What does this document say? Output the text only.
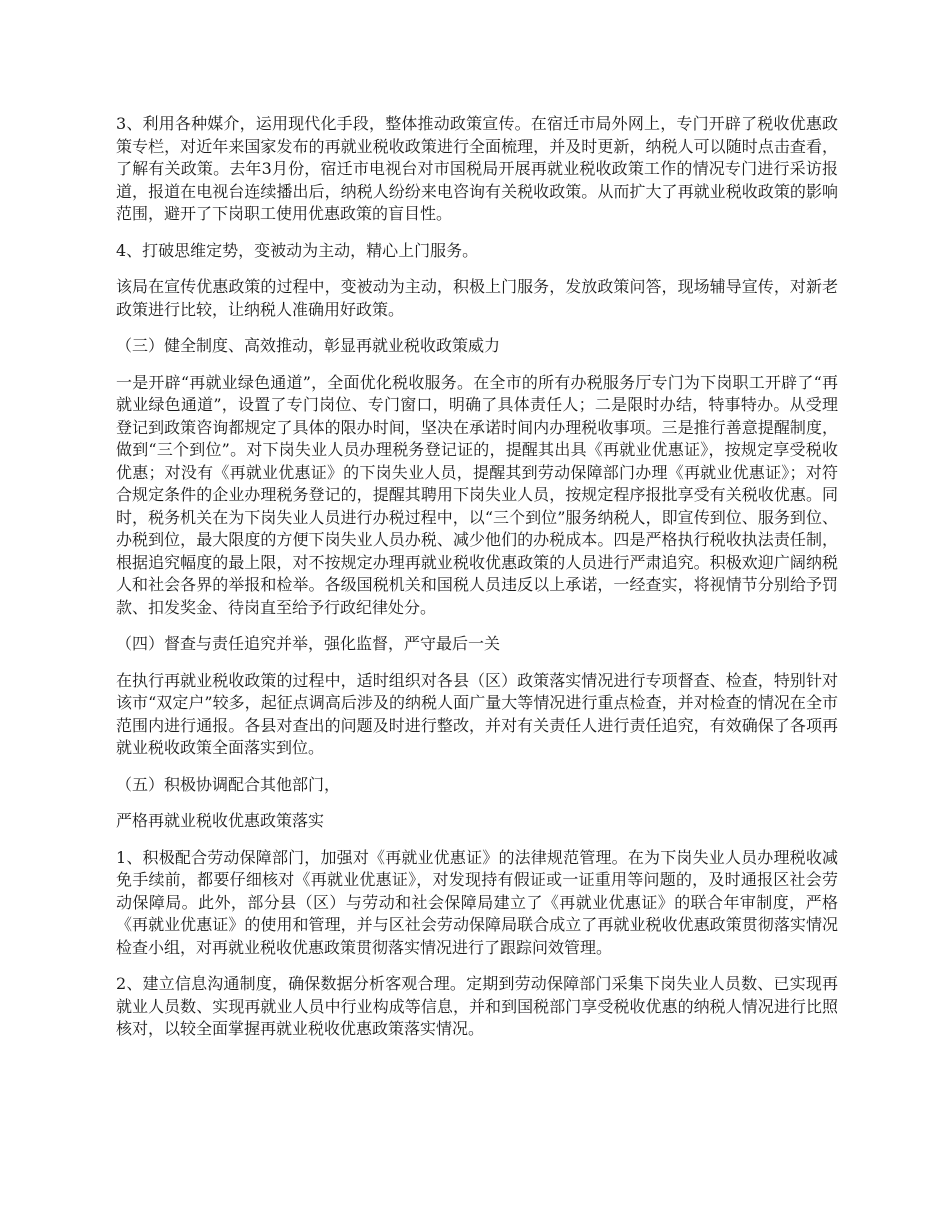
3、利用各种媒介，运用现代化手段，整体推动政策宣传。在宿迁市局外网上，专门开辟了税收优惠政策专栏，对近年来国家发布的再就业税收政策进行全面梳理，并及时更新，纳税人可以随时点击查看，了解有关政策。去年3月份，宿迁市电视台对市国税局开展再就业税收政策工作的情况专门进行采访报道，报道在电视台连续播出后，纳税人纷纷来电咨询有关税收政策。从而扩大了再就业税收政策的影响范围，避开了下岗职工使用优惠政策的盲目性。

4、打破思维定势，变被动为主动，精心上门服务。

该局在宣传优惠政策的过程中，变被动为主动，积极上门服务，发放政策问答，现场辅导宣传，对新老政策进行比较，让纳税人准确用好政策。

（三）健全制度、高效推动，彰显再就业税收政策威力

一是开辟“再就业绿色通道”，全面优化税收服务。在全市的所有办税服务厅专门为下岗职工开辟了“再就业绿色通道”，设置了专门岗位、专门窗口，明确了具体责任人；二是限时办结，特事特办。从受理登记到政策咨询都规定了具体的限办时间，坚决在承诺时间内办理税收事项。三是推行善意提醒制度，做到“三个到位”。对下岗失业人员办理税务登记证的，提醒其出具《再就业优惠证》，按规定享受税收优惠；对没有《再就业优惠证》的下岗失业人员，提醒其到劳动保障部门办理《再就业优惠证》；对符合规定条件的企业办理税务登记的，提醒其聘用下岗失业人员，按规定程序报批享受有关税收优惠。同时，税务机关在为下岗失业人员进行办税过程中，以“三个到位”服务纳税人，即宣传到位、服务到位、办税到位，最大限度的方便下岗失业人员办税、减少他们的办税成本。四是严格执行税收执法责任制，根据追究幅度的最上限，对不按规定办理再就业税收优惠政策的人员进行严肃追究。积极欢迎广阔纳税人和社会各界的举报和检举。各级国税机关和国税人员违反以上承诺，一经查实，将视情节分别给予罚款、扣发奖金、待岗直至给予行政纪律处分。

（四）督查与责任追究并举，强化监督，严守最后一关

在执行再就业税收政策的过程中，适时组织对各县（区）政策落实情况进行专项督查、检查，特别针对该市“双定户”较多，起征点调高后涉及的纳税人面广量大等情况进行重点检查，并对检查的情况在全市范围内进行通报。各县对查出的问题及时进行整改，并对有关责任人进行责任追究，有效确保了各项再就业税收政策全面落实到位。

（五）积极协调配合其他部门，

严格再就业税收优惠政策落实

1、积极配合劳动保障部门，加强对《再就业优惠证》的法律规范管理。在为下岗失业人员办理税收减免手续前，都要仔细核对《再就业优惠证》，对发现持有假证或一证重用等问题的，及时通报区社会劳动保障局。此外，部分县（区）与劳动和社会保障局建立了《再就业优惠证》的联合年审制度，严格《再就业优惠证》的使用和管理，并与区社会劳动保障局联合成立了再就业税收优惠政策贯彻落实情况检查小组，对再就业税收优惠政策贯彻落实情况进行了跟踪问效管理。

2、建立信息沟通制度，确保数据分析客观合理。定期到劳动保障部门采集下岗失业人员数、已实现再就业人员数、实现再就业人员中行业构成等信息，并和到国税部门享受税收优惠的纳税人情况进行比照核对，以较全面掌握再就业税收优惠政策落实情况。
